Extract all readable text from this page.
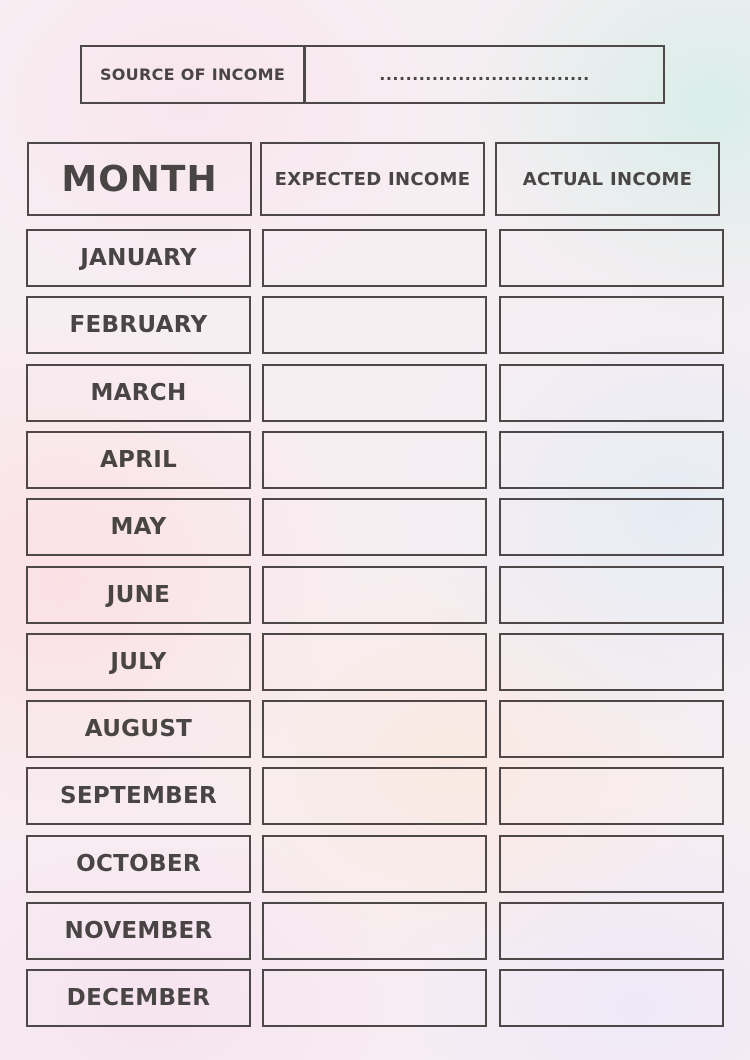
SOURCE OF INCOME	................................
MONTH	EXPECTED INCOME	ACTUAL INCOME
JANUARY
FEBRUARY
MARCH
APRIL
MAY
JUNE
JULY
AUGUST
SEPTEMBER
OCTOBER
NOVEMBER
DECEMBER
